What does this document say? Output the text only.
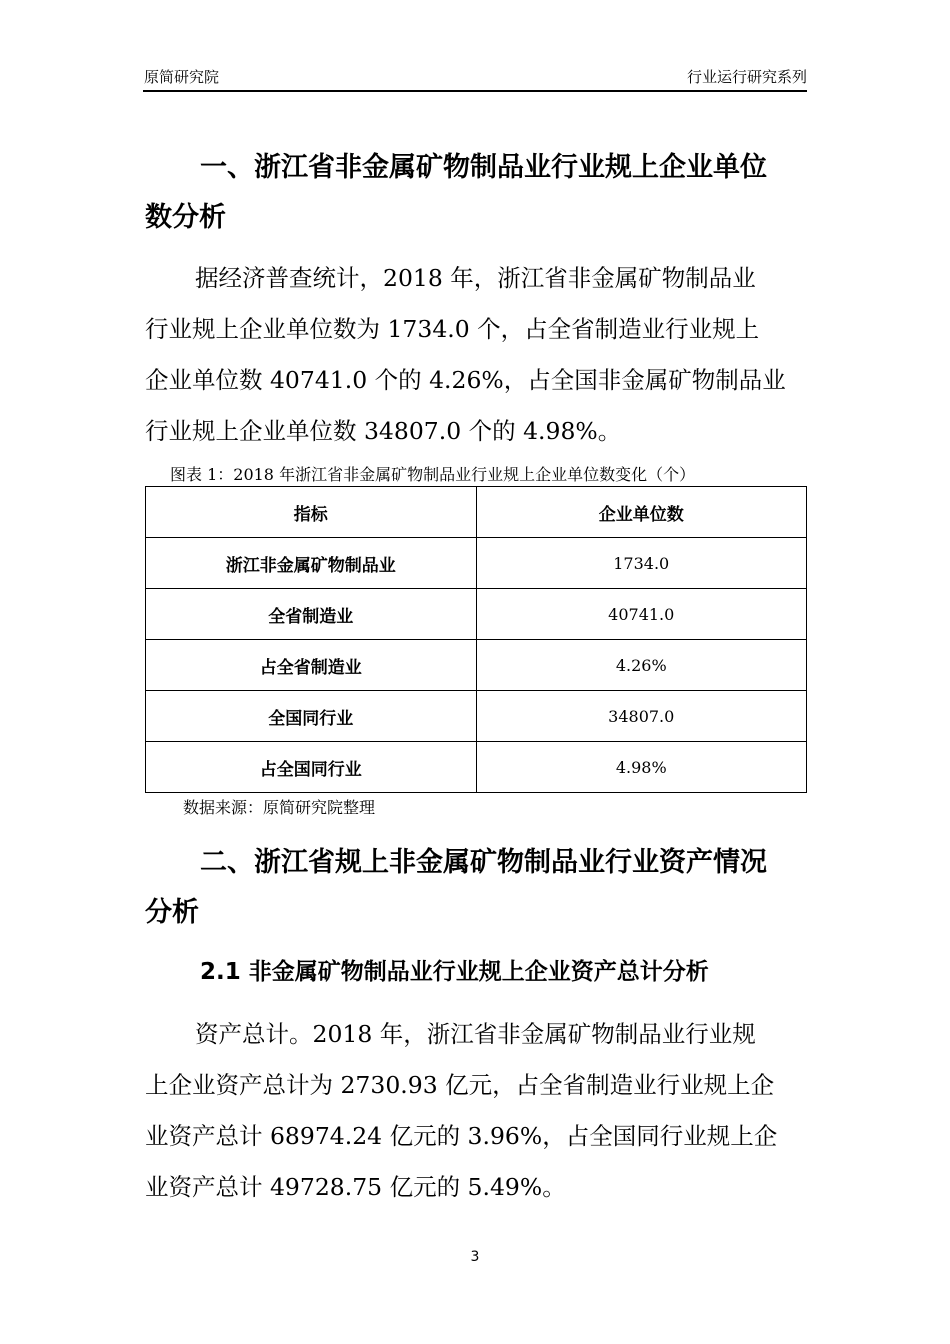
原简研究院	行业运行研究系列
一、浙江省非金属矿物制品业行业规上企业单位
数分析
据经济普查统计，2018 年，浙江省非金属矿物制品业
行业规上企业单位数为 1734.0 个，占全省制造业行业规上
企业单位数 40741.0 个的 4.26%，占全国非金属矿物制品业
行业规上企业单位数 34807.0 个的 4.98%。
图表 1：2018 年浙江省非金属矿物制品业行业规上企业单位数变化（个）
指标	企业单位数
浙江非金属矿物制品业	1734.0
全省制造业	40741.0
占全省制造业	4.26%
全国同行业	34807.0
占全国同行业	4.98%
数据来源：原简研究院整理
二、浙江省规上非金属矿物制品业行业资产情况
分析
2.1 非金属矿物制品业行业规上企业资产总计分析
资产总计。2018 年，浙江省非金属矿物制品业行业规
上企业资产总计为 2730.93 亿元，占全省制造业行业规上企
业资产总计 68974.24 亿元的 3.96%，占全国同行业规上企
业资产总计 49728.75 亿元的 5.49%。
3
